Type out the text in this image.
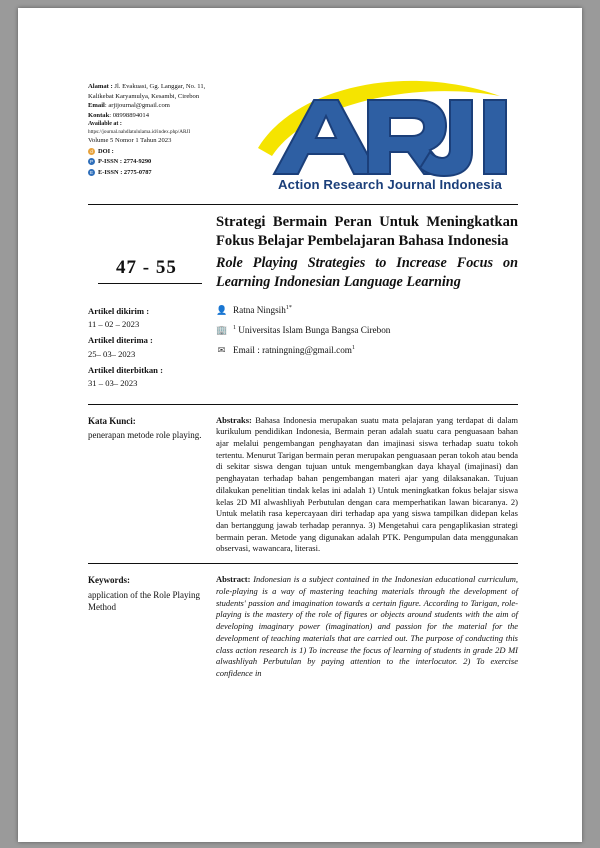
Alamat : Jl. Evakuasi, Gg. Langgar, No. 11,
Kalikebat Karyamulya, Kesambi, Cirebon
Email: arjijournal@gmail.com
Kontak: 08998894014
Available at :
https://journal.nahdlatululama.id/index.php/ARJI
Volume 5 Nomor 1 Tahun 2023
d DOI :
P P-ISSN : 2774-9290
E E-ISSN : 2775-0787
Action Research Journal Indonesia
47 - 55

Strategi Bermain Peran Untuk Meningkatkan Fokus Belajar Pembelajaran Bahasa Indonesia

Role Playing Strategies to Increase Focus on Learning Indonesian Language Learning

Artikel dikirim :
11 – 02 – 2023
Artikel diterima :
25– 03– 2023
Artikel diterbitkan :
31 – 03– 2023
👤 Ratna Ningsih$^{1*}$
🏢 $^1$ Universitas Islam Bunga Bangsa Cirebon
✉ Email : ratningning@gmail.com$^1$
Kata Kunci:
penerapan metode role playing.
Abstraks: Bahasa Indonesia merupakan suatu mata pelajaran yang terdapat di dalam kurikulum pendidikan Indonesia, Bermain peran adalah suatu cara penguasaan bahan ajar melalui pengembangan penghayatan dan imajinasi siswa terhadap suatu tokoh tertentu. Menurut Tarigan bermain peran merupakan penguasaan peran tokoh atau benda di sekitar siswa dengan tujuan untuk mengembangkan daya khayal (imajinasi) dan penghayatan terhadap bahan pengembangan materi ajar yang dilaksanakan. Tujuan dilakukan penelitian tindak kelas ini adalah 1) Untuk meningkatkan fokus belajar siswa kelas 2D MI alwashliyah Perbutulan dengan cara memperhatikan lawan bicaranya. 2) Untuk melatih rasa kepercayaan diri terhadap apa yang siswa tampilkan didepan kelas dan bertanggung jawab terhadap perannya. 3) Mengetahui cara pengaplikasian strategi bermain peran. Metode yang digunakan adalah PTK. Pengumpulan data menggunakan observasi, wawancara, literasi.
Keywords:
application of the Role Playing Method
Abstract: Indonesian is a subject contained in the Indonesian educational curriculum, role-playing is a way of mastering teaching materials through the development of students' passion and imagination towards a certain figure. According to Tarigan, role-playing is the mastery of the role of figures or objects around students with the aim of developing imaginary power (imagination) and passion for the material for the development of teaching materials that are carried out. The purpose of conducting this class action research is 1) To increase the focus of learning of students in grade 2D MI alwashliyah Perbutulan by paying attention to the interlocutor. 2) To exercise confidence in
